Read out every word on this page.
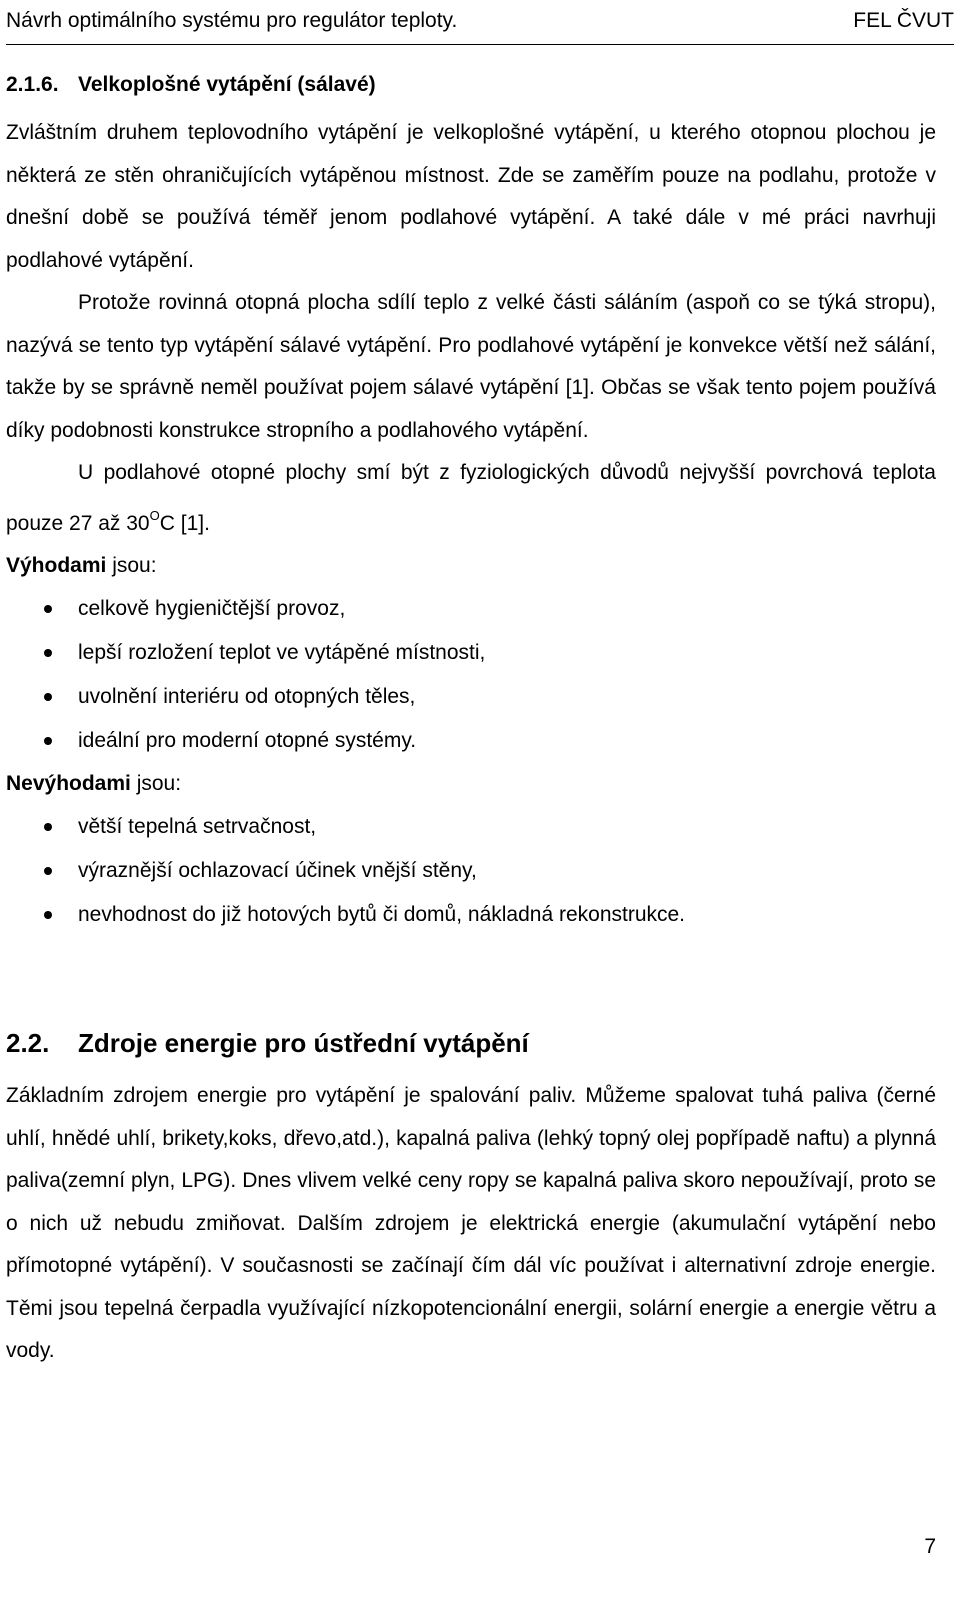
Návrh optimálního systému pro regulátor teploty.	FEL ČVUT
2.1.6. Velkoplošné vytápění (sálavé)

Zvláštním druhem teplovodního vytápění je velkoplošné vytápění, u kterého otopnou plochou je některá ze stěn ohraničujících vytápěnou místnost. Zde se zaměřím pouze na podlahu, protože v dnešní době se používá téměř jenom podlahové vytápění. A také dále v mé práci navrhuji podlahové vytápění.

Protože rovinná otopná plocha sdílí teplo z velké části sáláním (aspoň co se týká stropu), nazývá se tento typ vytápění sálavé vytápění. Pro podlahové vytápění je konvekce větší než sálání, takže by se správně neměl používat pojem sálavé vytápění [1]. Občas se však tento pojem používá díky podobnosti konstrukce stropního a podlahového vytápění.

U podlahové otopné plochy smí být z fyziologických důvodů nejvyšší povrchová teplota pouze 27 až $30^OC$ [1].

Výhodami jsou:

celkově hygieničtější provoz,
lepší rozložení teplot ve vytápěné místnosti,
uvolnění interiéru od otopných těles,
ideální pro moderní otopné systémy.

Nevýhodami jsou:

větší tepelná setrvačnost,
výraznější ochlazovací účinek vnější stěny,
nevhodnost do již hotových bytů či domů, nákladná rekonstrukce.
2.2. Zdroje energie pro ústřední vytápění

Základním zdrojem energie pro vytápění je spalování paliv. Můžeme spalovat tuhá paliva (černé uhlí, hnědé uhlí, brikety,koks, dřevo,atd.), kapalná paliva (lehký topný olej popřípadě naftu) a plynná paliva(zemní plyn, LPG). Dnes vlivem velké ceny ropy se kapalná paliva skoro nepoužívají, proto se o nich už nebudu zmiňovat. Dalším zdrojem je elektrická energie (akumulační vytápění nebo přímotopné vytápění). V současnosti se začínají čím dál víc používat i alternativní zdroje energie. Těmi jsou tepelná čerpadla využívající nízkopotencionální energii, solární energie a energie větru a vody.

7
